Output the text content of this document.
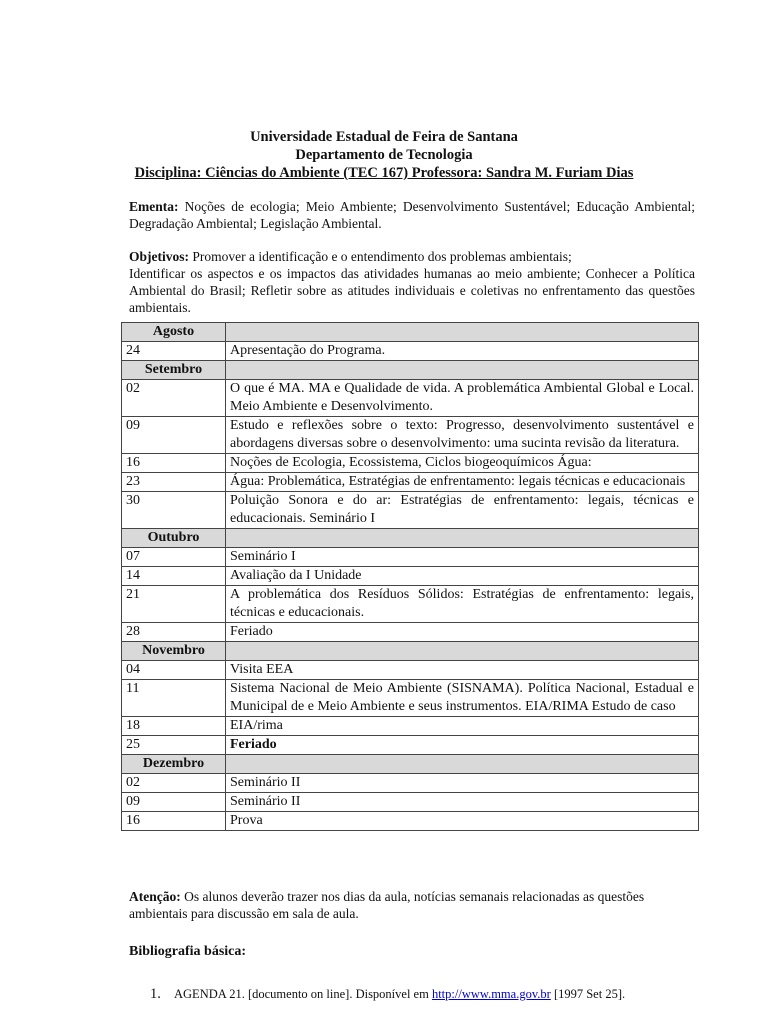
Universidade Estadual de Feira de Santana
Departamento de Tecnologia
Disciplina: Ciências do Ambiente (TEC 167) Professora: Sandra M. Furiam Dias
Ementa: Noções de ecologia; Meio Ambiente; Desenvolvimento Sustentável; Educação Ambiental; Degradação Ambiental; Legislação Ambiental.
Objetivos: Promover a identificação e o entendimento dos problemas ambientais;
Identificar os aspectos e os impactos das atividades humanas ao meio ambiente; Conhecer a Política Ambiental do Brasil; Refletir sobre as atitudes individuais e coletivas no enfrentamento das questões ambientais.
Agosto	
24	Apresentação do Programa.
Setembro	
02	O que é MA. MA e Qualidade de vida. A problemática Ambiental Global e Local. Meio Ambiente e Desenvolvimento.
09	Estudo e reflexões sobre o texto: Progresso, desenvolvimento sustentável e abordagens diversas sobre o desenvolvimento: uma sucinta revisão da literatura.
16	Noções de Ecologia, Ecossistema, Ciclos biogeoquímicos Água:
23	Água: Problemática, Estratégias de enfrentamento: legais técnicas e educacionais
30	Poluição Sonora e do ar: Estratégias de enfrentamento: legais, técnicas e educacionais. Seminário I
Outubro	
07	Seminário I
14	Avaliação da I Unidade
21	A problemática dos Resíduos Sólidos: Estratégias de enfrentamento: legais, técnicas e educacionais.
28	Feriado
Novembro	
04	Visita EEA
11	Sistema Nacional de Meio Ambiente (SISNAMA). Política Nacional, Estadual e Municipal de e Meio Ambiente e seus instrumentos. EIA/RIMA Estudo de caso
18	EIA/rima
25	Feriado
Dezembro	
02	Seminário II
09	Seminário II
16	Prova
Atenção: Os alunos deverão trazer nos dias da aula, notícias semanais relacionadas as questões ambientais para discussão em sala de aula.
Bibliografia básica:
1. AGENDA 21. [documento on line]. Disponível em http://www.mma.gov.br [1997 Set 25].
